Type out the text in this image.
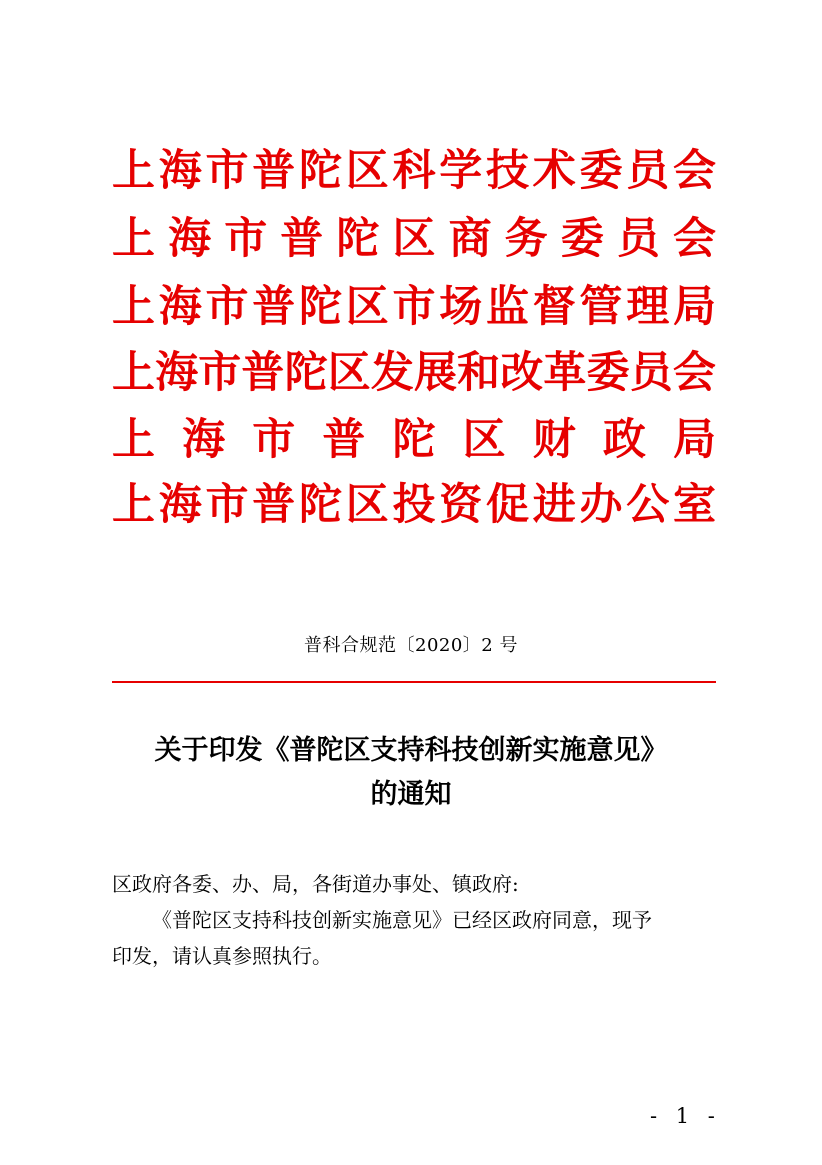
上 海 市 普 陀 区 科 学 技 术 委 员 会
上 海 市 普 陀 区 商 务 委 员 会
上 海 市 普 陀 区 市 场 监 督 管 理 局
上 海 市 普 陀 区 发 展 和 改 革 委 员 会
上 海 市 普 陀 区 财 政 局
上 海 市 普 陀 区 投 资 促 进 办 公 室
普科合规范〔2020〕2 号
关于印发《普陀区支持科技创新实施意见》
的通知
区政府各委、办、局，各街道办事处、镇政府:
《普陀区支持科技创新实施意见》已经区政府同意，现予
印发，请认真参照执行。
- 1 -
